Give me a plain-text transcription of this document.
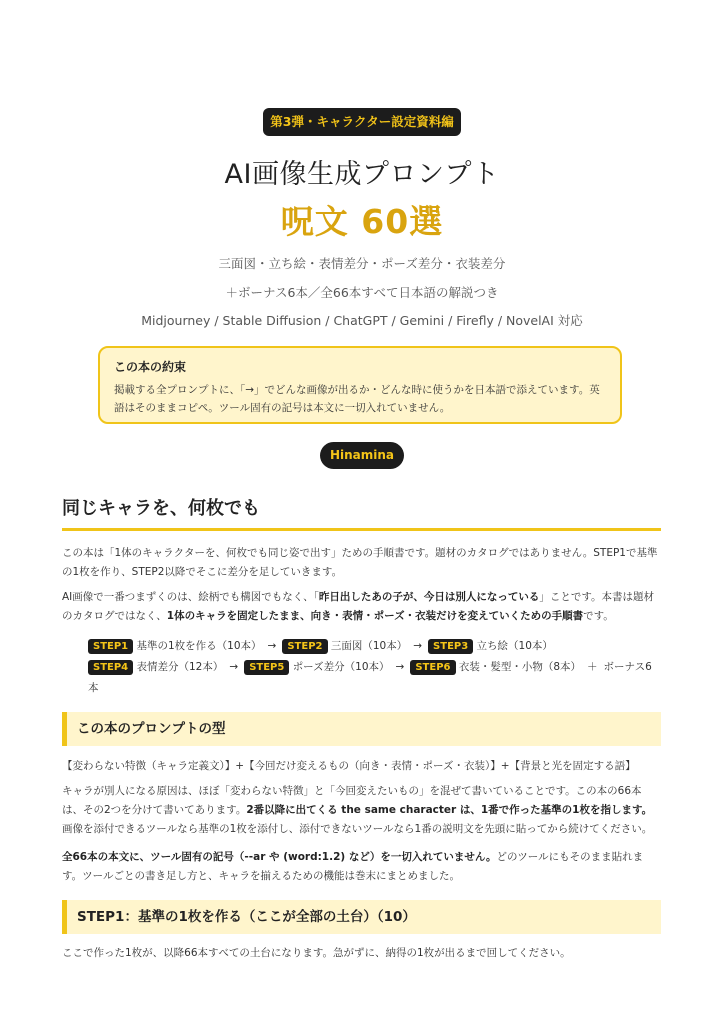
第3弾・キャラクター設定資料編
AI画像生成プロンプト
呪文 60選
三面図・立ち絵・表情差分・ポーズ差分・衣装差分
＋ボーナス6本／全66本すべて日本語の解説つき
Midjourney / Stable Diffusion / ChatGPT / Gemini / Firefly / NovelAI 対応
この本の約束
掲載する全プロンプトに、「→」でどんな画像が出るか・どんな時に使うかを日本語で添えています。英語はそのままコピペ。ツール固有の記号は本文に一切入れていません。
Hinamina
同じキャラを、何枚でも
この本は「1体のキャラクターを、何枚でも同じ姿で出す」ための手順書です。題材のカタログではありません。STEP1で基準の1枚を作り、STEP2以降でそこに差分を足していきます。
AI画像で一番つまずくのは、絵柄でも構図でもなく、「昨日出したあの子が、今日は別人になっている」ことです。本書は題材のカタログではなく、1体のキャラを固定したまま、向き・表情・ポーズ・衣装だけを変えていくための手順書です。
STEP1 基準の1枚を作る（10本） → STEP2 三面図（10本） → STEP3 立ち絵（10本）
STEP4 表情差分（12本） → STEP5 ポーズ差分（10本） → STEP6 衣装・髪型・小物（8本） ＋ ボーナス6本
この本のプロンプトの型
【変わらない特徴（キャラ定義文）】+【今回だけ変えるもの（向き・表情・ポーズ・衣装）】+【背景と光を固定する語】
キャラが別人になる原因は、ほぼ「変わらない特徴」と「今回変えたいもの」を混ぜて書いていることです。この本の66本は、その2つを分けて書いてあります。2番以降に出てくる the same character は、1番で作った基準の1枚を指します。画像を添付できるツールなら基準の1枚を添付し、添付できないツールなら1番の説明文を先頭に貼ってから続けてください。
全66本の本文に、ツール固有の記号（--ar や (word:1.2) など）を一切入れていません。どのツールにもそのまま貼れます。ツールごとの書き足し方と、キャラを揃えるための機能は巻末にまとめました。
STEP1：基準の1枚を作る（ここが全部の土台）（10）
ここで作った1枚が、以降66本すべての土台になります。急がずに、納得の1枚が出るまで回してください。
